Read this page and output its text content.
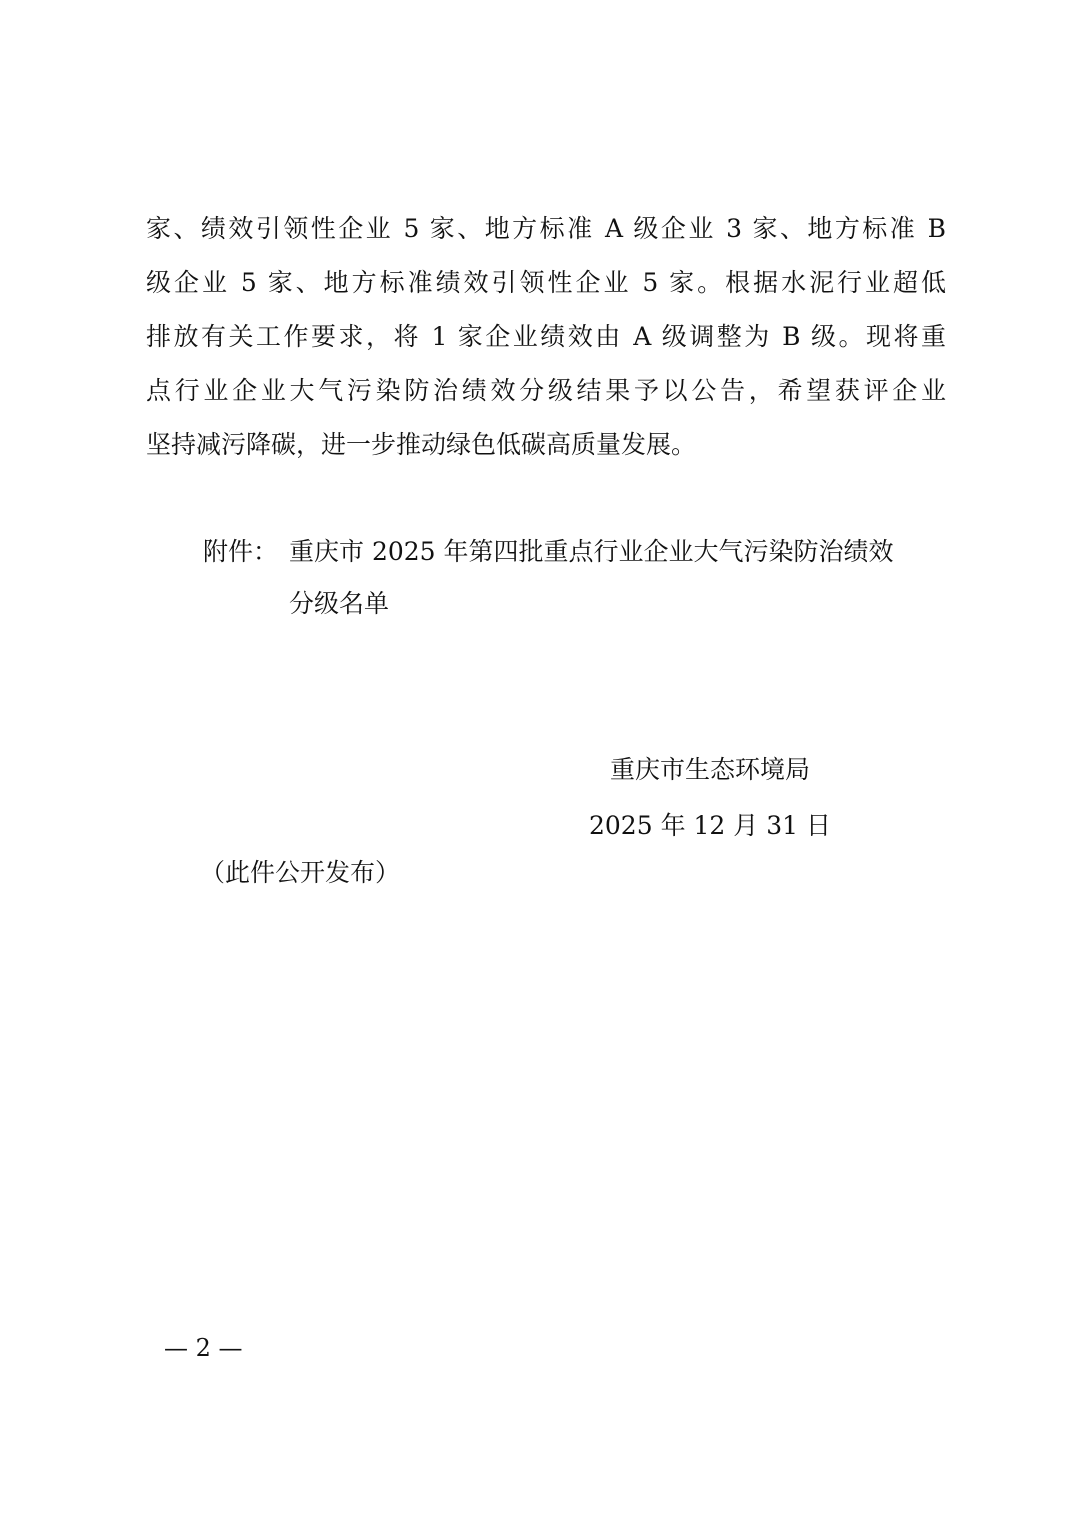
家、绩效引领性企业 5 家、地方标准 A 级企业 3 家、地方标准 B
级企业 5 家、地方标准绩效引领性企业 5 家。根据水泥行业超低
排放有关工作要求，将 1 家企业绩效由 A 级调整为 B 级。现将重
点行业企业大气污染防治绩效分级结果予以公告，希望获评企业
坚持减污降碳，进一步推动绿色低碳高质量发展。
附件： 重庆市 2025 年第四批重点行业企业大气污染防治绩效
分级名单
重庆市生态环境局
2025 年 12 月 31 日
（此件公开发布）
— 2 —
